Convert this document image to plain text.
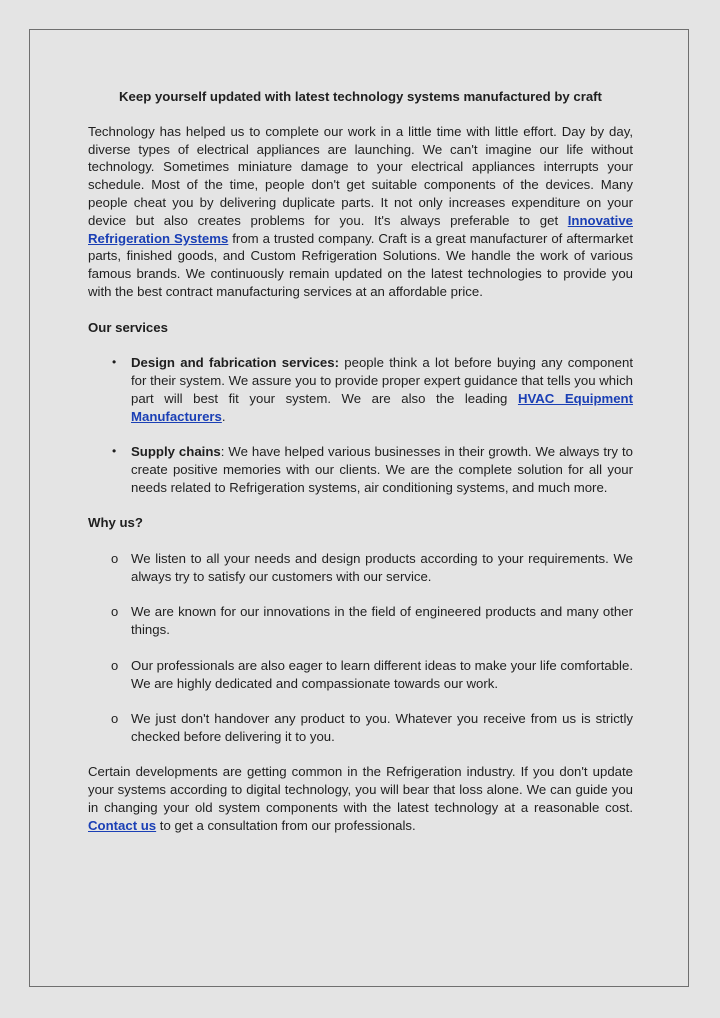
Keep yourself updated with latest technology systems manufactured by craft

Technology has helped us to complete our work in a little time with little effort. Day by day, diverse types of electrical appliances are launching. We can't imagine our life without technology. Sometimes miniature damage to your electrical appliances interrupts your schedule. Most of the time, people don't get suitable components of the devices. Many people cheat you by delivering duplicate parts. It not only increases expenditure on your device but also creates problems for you. It's always preferable to get Innovative Refrigeration Systems from a trusted company. Craft is a great manufacturer of aftermarket parts, finished goods, and Custom Refrigeration Solutions. We handle the work of various famous brands. We continuously remain updated on the latest technologies to provide you with the best contract manufacturing services at an affordable price.

Our services

• Design and fabrication services: people think a lot before buying any component for their system. We assure you to provide proper expert guidance that tells you which part will best fit your system. We are also the leading HVAC Equipment Manufacturers.
• Supply chains: We have helped various businesses in their growth. We always try to create positive memories with our clients. We are the complete solution for all your needs related to Refrigeration systems, air conditioning systems, and much more.

Why us?

o We listen to all your needs and design products according to your requirements. We always try to satisfy our customers with our service.
o We are known for our innovations in the field of engineered products and many other things.
o Our professionals are also eager to learn different ideas to make your life comfortable. We are highly dedicated and compassionate towards our work.
o We just don't handover any product to you. Whatever you receive from us is strictly checked before delivering it to you.

Certain developments are getting common in the Refrigeration industry. If you don't update your systems according to digital technology, you will bear that loss alone. We can guide you in changing your old system components with the latest technology at a reasonable cost. Contact us to get a consultation from our professionals.
